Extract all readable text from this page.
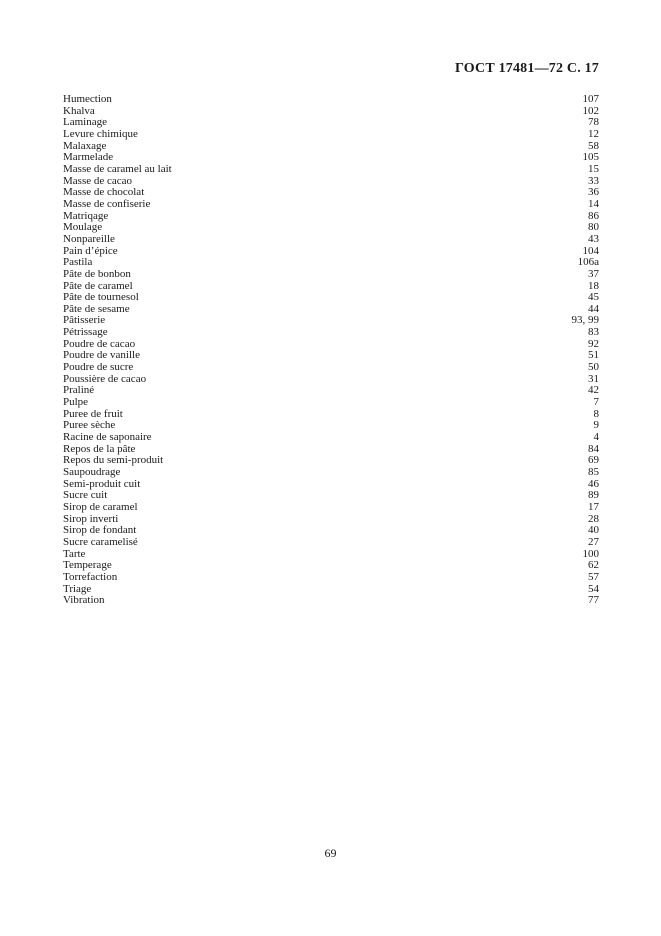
ГОСТ 17481—72 С. 17
Humection	107
Khalva	102
Laminage	78
Levure chimique	12
Malaxage	58
Marmelade	105
Masse de caramel au lait	15
Masse de cacao	33
Masse de chocolat	36
Masse de confiserie	14
Matriqage	86
Moulage	80
Nonpareille	43
Pain d’épice	104
Pastila	106a
Pâte de bonbon	37
Pâte de caramel	18
Pâte de tournesol	45
Pâte de sesame	44
Pâtisserie	93, 99
Pétrissage	83
Poudre de cacao	92
Poudre de vanille	51
Poudre de sucre	50
Poussière de cacao	31
Praliné	42
Pulpe	7
Puree de fruit	8
Puree sèche	9
Racine de saponaire	4
Repos de la pâte	84
Repos du semi-produit	69
Saupoudrage	85
Semi-produit cuit	46
Sucre cuit	89
Sirop de caramel	17
Sirop inverti	28
Sirop de fondant	40
Sucre caramelisé	27
Tarte	100
Temperage	62
Torrefaction	57
Triage	54
Vibration	77
69
